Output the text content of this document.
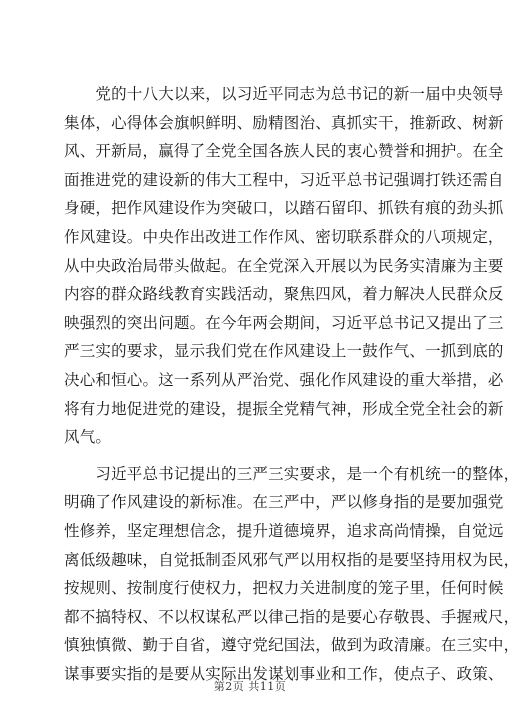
　　党的十八大以来，以习近平同志为总书记的新一届中央领导
集体，心得体会旗帜鲜明、励精图治、真抓实干，推新政、树新
风、开新局，赢得了全党全国各族人民的衷心赞誉和拥护。在全
面推进党的建设新的伟大工程中，习近平总书记强调打铁还需自
身硬，把作风建设作为突破口，以踏石留印、抓铁有痕的劲头抓
作风建设。中央作出改进工作作风、密切联系群众的八项规定，
从中央政治局带头做起。在全党深入开展以为民务实清廉为主要
内容的群众路线教育实践活动，聚焦四风，着力解决人民群众反
映强烈的突出问题。在今年两会期间，习近平总书记又提出了三
严三实的要求，显示我们党在作风建设上一鼓作气、一抓到底的
决心和恒心。这一系列从严治党、强化作风建设的重大举措，必
将有力地促进党的建设，提振全党精气神，形成全党全社会的新
风气。

　　习近平总书记提出的三严三实要求，是一个有机统一的整体，
明确了作风建设的新标准。在三严中，严以修身指的是要加强党
性修养，坚定理想信念，提升道德境界，追求高尚情操，自觉远
离低级趣味，自觉抵制歪风邪气严以用权指的是要坚持用权为民，
按规则、按制度行使权力，把权力关进制度的笼子里，任何时候
都不搞特权、不以权谋私严以律己指的是要心存敬畏、手握戒尺，
慎独慎微、勤于自省，遵守党纪国法，做到为政清廉。在三实中，
谋事要实指的是要从实际出发谋划事业和工作，使点子、政策、

第2页 共11页
